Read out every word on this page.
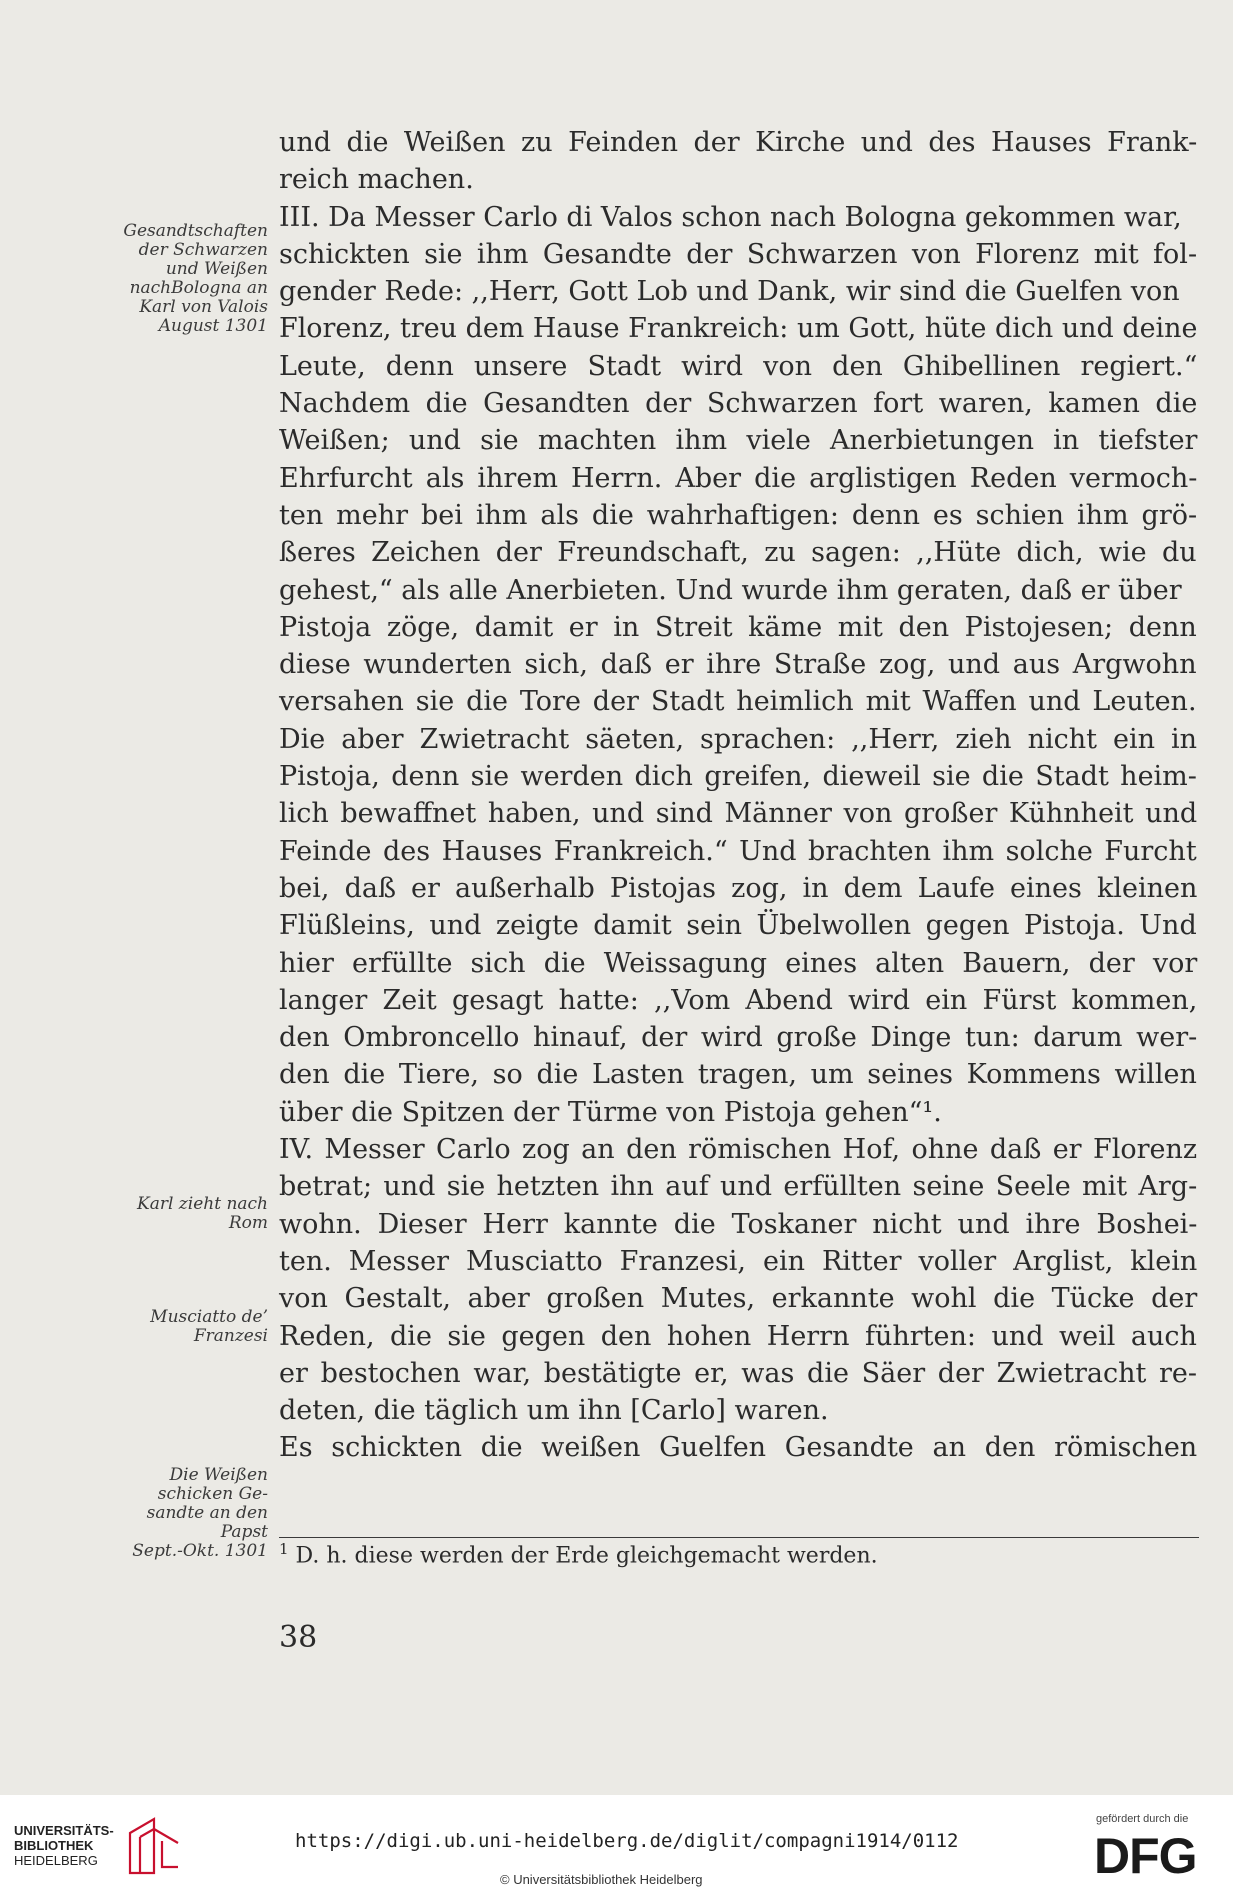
und die Weißen zu Feinden der Kirche und des Hauses Frank-
reich machen.
III. Da Messer Carlo di Valos schon nach Bologna gekommen war,
schickten sie ihm Gesandte der Schwarzen von Florenz mit fol-
gender Rede: ,,Herr, Gott Lob und Dank, wir sind die Guelfen von
Florenz, treu dem Hause Frankreich: um Gott, hüte dich und deine
Leute, denn unsere Stadt wird von den Ghibellinen regiert.“
Nachdem die Gesandten der Schwarzen fort waren, kamen die
Weißen; und sie machten ihm viele Anerbietungen in tiefster
Ehrfurcht als ihrem Herrn. Aber die arglistigen Reden vermoch-
ten mehr bei ihm als die wahrhaftigen: denn es schien ihm grö-
ßeres Zeichen der Freundschaft, zu sagen: ,,Hüte dich, wie du
gehest,“ als alle Anerbieten. Und wurde ihm geraten, daß er über
Pistoja zöge, damit er in Streit käme mit den Pistojesen; denn
diese wunderten sich, daß er ihre Straße zog, und aus Argwohn
versahen sie die Tore der Stadt heimlich mit Waffen und Leuten.
Die aber Zwietracht säeten, sprachen: ,,Herr, zieh nicht ein in
Pistoja, denn sie werden dich greifen, dieweil sie die Stadt heim-
lich bewaffnet haben, und sind Männer von großer Kühnheit und
Feinde des Hauses Frankreich.“ Und brachten ihm solche Furcht
bei, daß er außerhalb Pistojas zog, in dem Laufe eines kleinen
Flüßleins, und zeigte damit sein Übelwollen gegen Pistoja. Und
hier erfüllte sich die Weissagung eines alten Bauern, der vor
langer Zeit gesagt hatte: ,,Vom Abend wird ein Fürst kommen,
den Ombroncello hinauf, der wird große Dinge tun: darum wer-
den die Tiere, so die Lasten tragen, um seines Kommens willen
über die Spitzen der Türme von Pistoja gehen“¹.
IV. Messer Carlo zog an den römischen Hof, ohne daß er Florenz
betrat; und sie hetzten ihn auf und erfüllten seine Seele mit Arg-
wohn. Dieser Herr kannte die Toskaner nicht und ihre Boshei-
ten. Messer Musciatto Franzesi, ein Ritter voller Arglist, klein
von Gestalt, aber großen Mutes, erkannte wohl die Tücke der
Reden, die sie gegen den hohen Herrn führten: und weil auch
er bestochen war, bestätigte er, was die Säer der Zwietracht re-
deten, die täglich um ihn [Carlo] waren.
Es schickten die weißen Guelfen Gesandte an den römischen
Gesandtschaften
der Schwarzen
und Weißen
nachBologna an
Karl von Valois
August 1301
Karl zieht nach
Rom
Musciatto de’
Franzesi
Die Weißen
schicken Ge-
sandte an den
Papst
Sept.-Okt. 1301 $^1$ D. h. diese werden der Erde gleichgemacht werden.
38
UNIVERSITÄTS-
BIBLIOTHEK
HEIDELBERG
https://digi.ub.uni-heidelberg.de/diglit/compagni1914/0112
© Universitätsbibliothek Heidelberg
gefördert durch die
DFG
